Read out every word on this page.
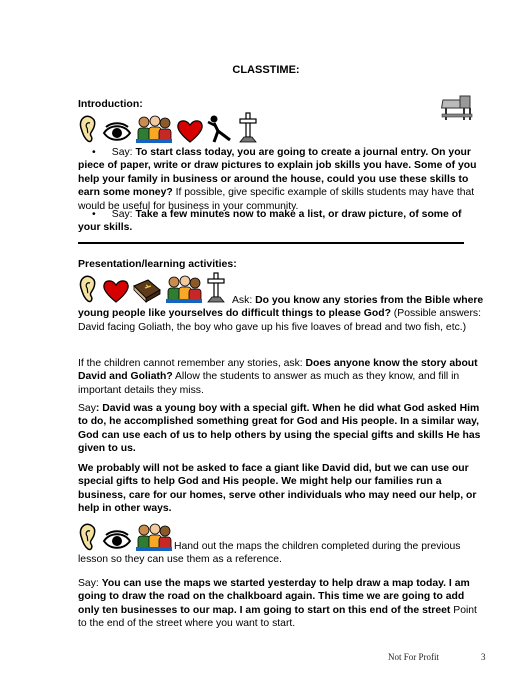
CLASSTIME:
Introduction:
• Say: To start class today, you are going to create a journal entry. On your piece of paper, write or draw pictures to explain job skills you have. Some of you help your family in business or around the house, could you use these skills to earn some money? If possible, give specific example of skills students may have that would be useful for business in your community.
• Say: Take a few minutes now to make a list, or draw picture, of some of your skills.
Presentation/learning activities:
Ask: Do you know any stories from the Bible where young people like yourselves do difficult things to please God? (Possible answers: David facing Goliath, the boy who gave up his five loaves of bread and two fish, etc.)
If the children cannot remember any stories, ask: Does anyone know the story about David and Goliath? Allow the students to answer as much as they know, and fill in important details they miss.
Say: David was a young boy with a special gift. When he did what God asked Him to do, he accomplished something great for God and His people. In a similar way, God can use each of us to help others by using the special gifts and skills He has given to us.
We probably will not be asked to face a giant like David did, but we can use our special gifts to help God and His people. We might help our families run a business, care for our homes, serve other individuals who may need our help, or help in other ways.
Hand out the maps the children completed during the previous lesson so they can use them as a reference.
Say: You can use the maps we started yesterday to help draw a map today. I am going to draw the road on the chalkboard again. This time we are going to add only ten businesses to our map. I am going to start on this end of the street Point to the end of the street where you want to start.
Not For Profit	3
